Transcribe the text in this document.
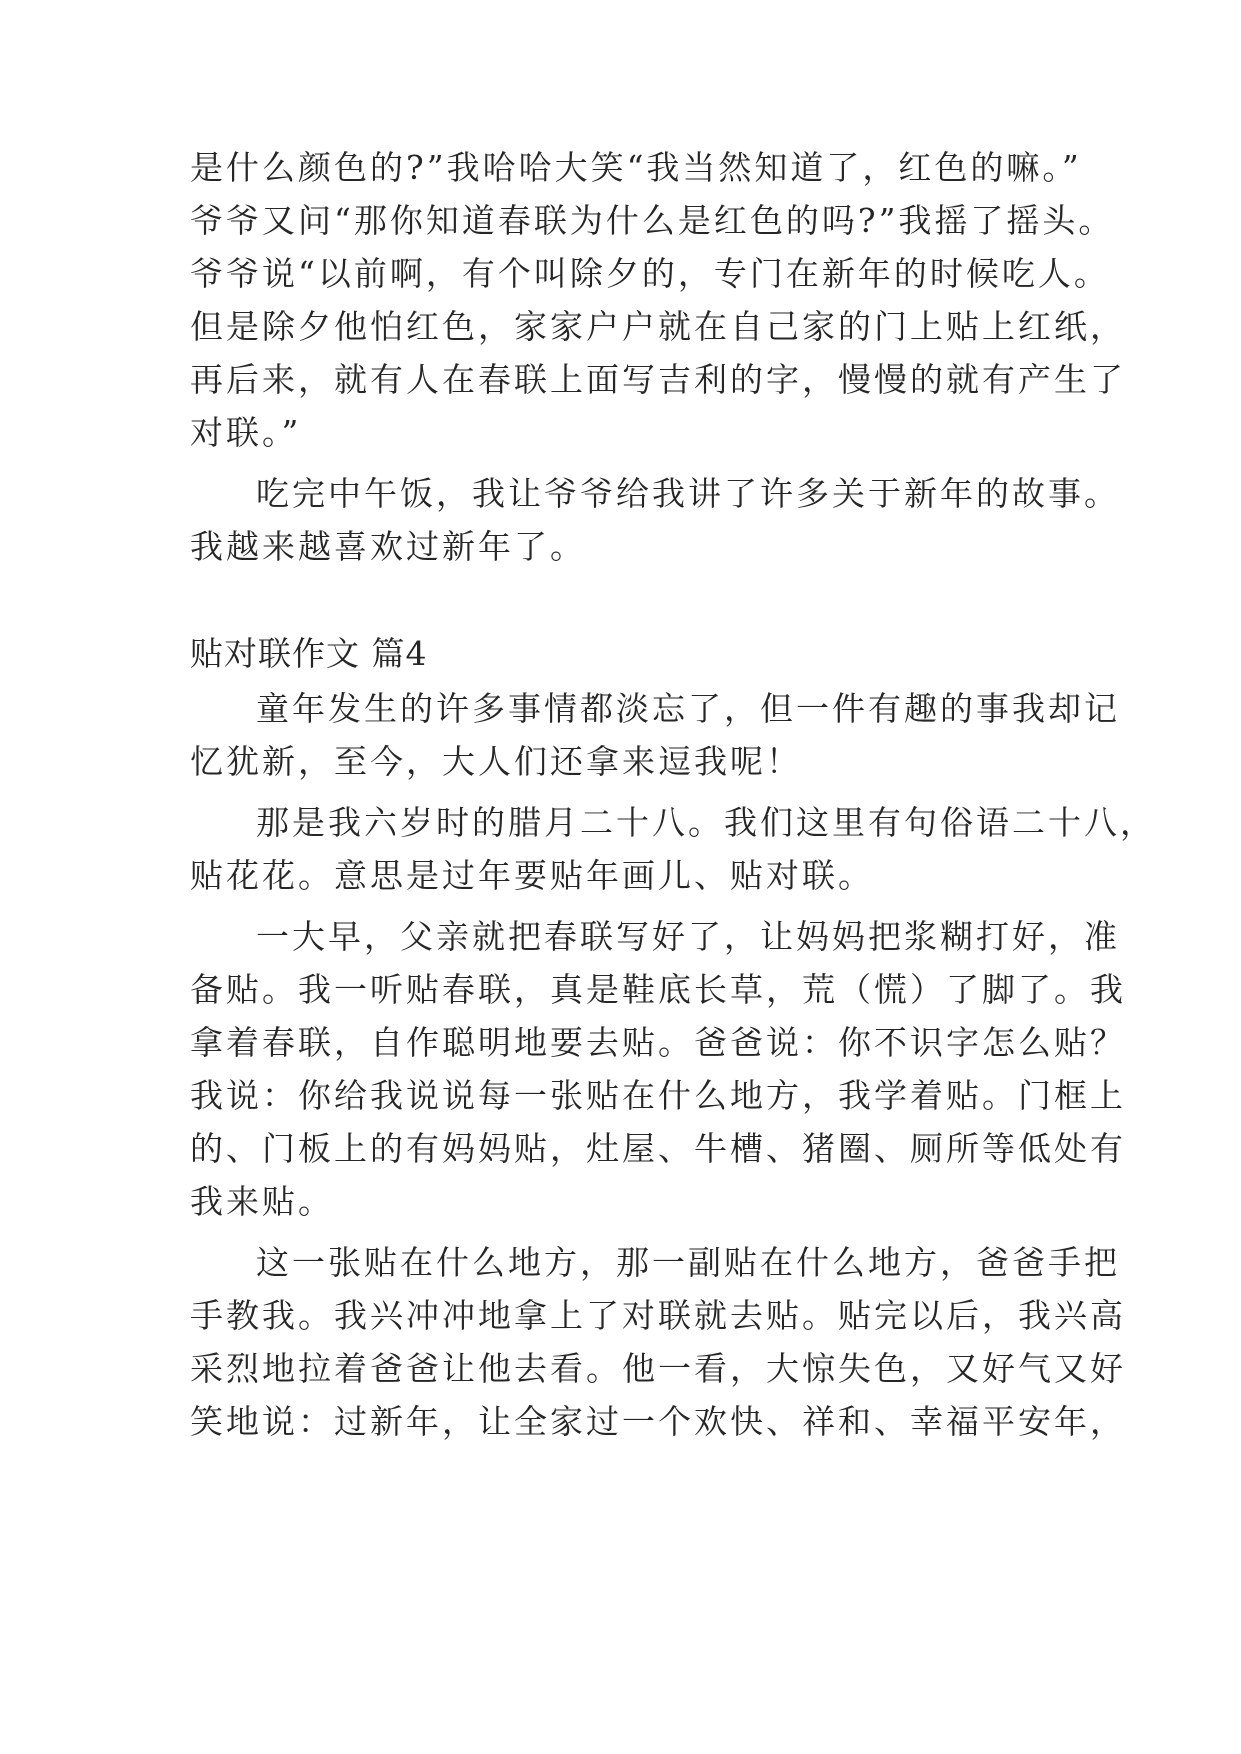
是什么颜色的?”我哈哈大笑“我当然知道了，红色的嘛。”
爷爷又问“那你知道春联为什么是红色的吗?”我摇了摇头。
爷爷说“以前啊，有个叫除夕的，专门在新年的时候吃人。
但是除夕他怕红色，家家户户就在自己家的门上贴上红纸，
再后来，就有人在春联上面写吉利的字，慢慢的就有产生了
对联。”
吃完中午饭，我让爷爷给我讲了许多关于新年的故事。
我越来越喜欢过新年了。
贴对联作文 篇4
童年发生的许多事情都淡忘了，但一件有趣的事我却记
忆犹新，至今，大人们还拿来逗我呢！
那是我六岁时的腊月二十八。我们这里有句俗语二十八，
贴花花。意思是过年要贴年画儿、贴对联。
一大早，父亲就把春联写好了，让妈妈把浆糊打好，准
备贴。我一听贴春联，真是鞋底长草，荒（慌）了脚了。我
拿着春联，自作聪明地要去贴。爸爸说：你不识字怎么贴？
我说：你给我说说每一张贴在什么地方，我学着贴。门框上
的、门板上的有妈妈贴，灶屋、牛槽、猪圈、厕所等低处有
我来贴。
这一张贴在什么地方，那一副贴在什么地方，爸爸手把
手教我。我兴冲冲地拿上了对联就去贴。贴完以后，我兴高
采烈地拉着爸爸让他去看。他一看，大惊失色，又好气又好
笑地说：过新年，让全家过一个欢快、祥和、幸福平安年，
